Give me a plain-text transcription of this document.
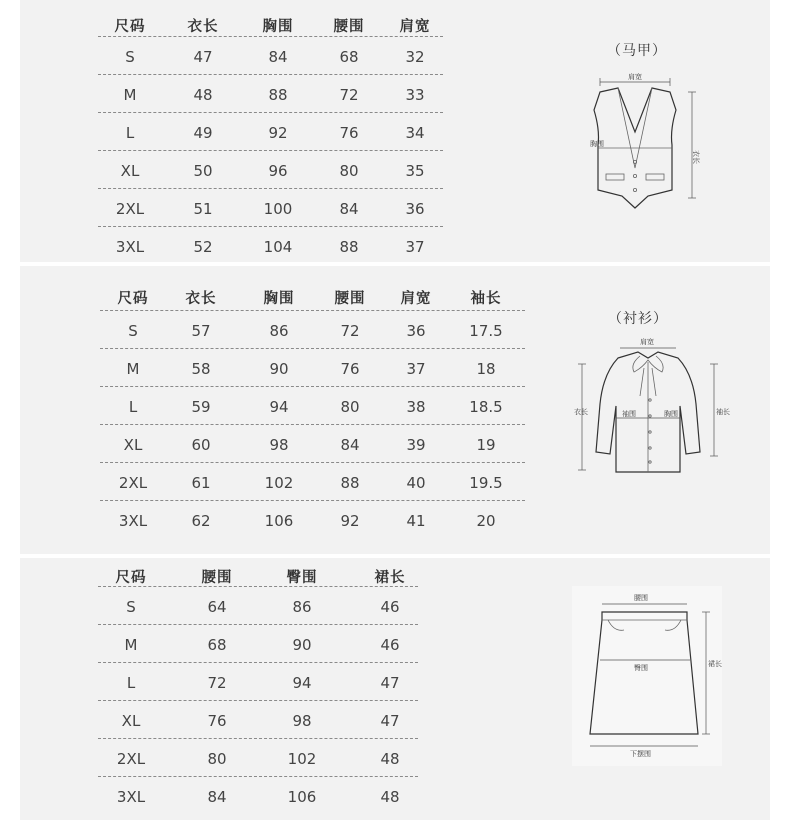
尺码	衣长	胸围	腰围	肩宽
S	47	84	68	32
M	48	88	72	33
L	49	92	76	34
XL	50	96	80	35
2XL	51	100	84	36
3XL	52	104	88	37
（马甲）
肩宽
胸围
衣长
尺码	衣长	胸围	腰围	肩宽	袖长
S	57	86	72	36	17.5
M	58	90	76	37	18
L	59	94	80	38	18.5
XL	60	98	84	39	19
2XL	61	102	88	40	19.5
3XL	62	106	92	41	20
（衬衫）
肩宽
袖围	胸围
衣长	袖长
尺码	腰围	臀围	裙长
S	64	86	46
M	68	90	46
L	72	94	47
XL	76	98	47
2XL	80	102	48
3XL	84	106	48
腰围
臀围	裙长
下摆围
